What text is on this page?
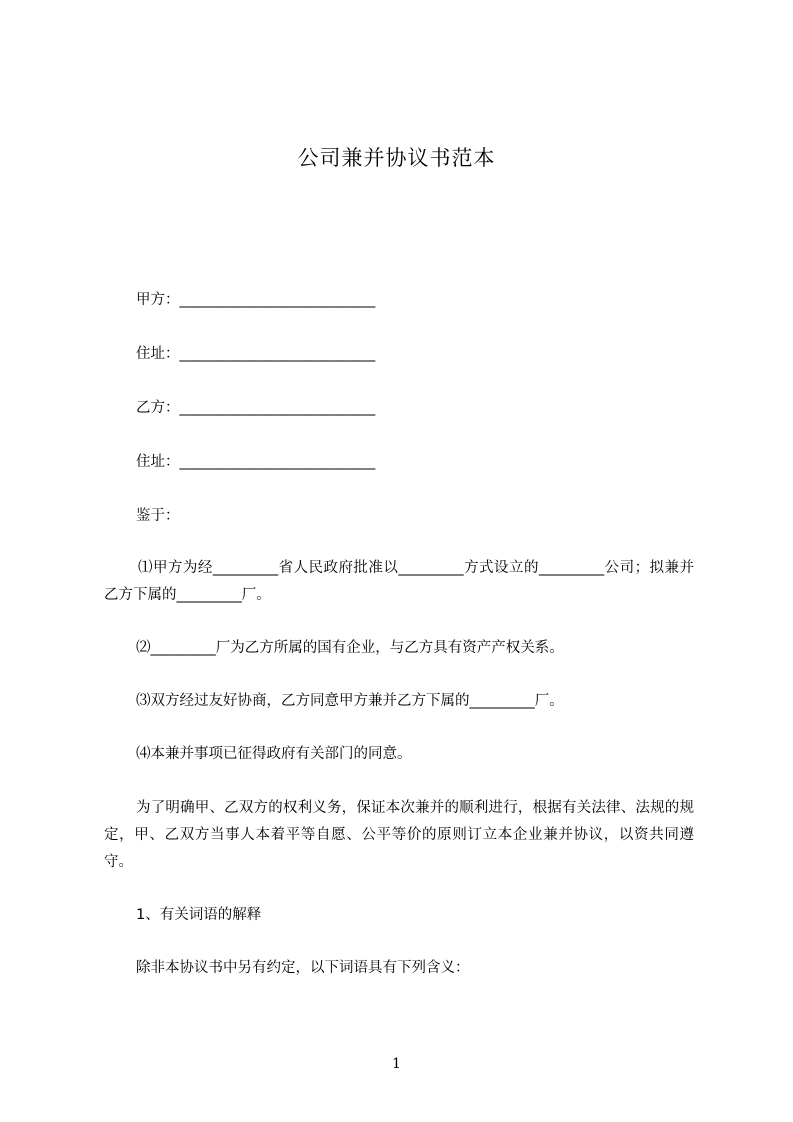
公司兼并协议书范本
甲方：___________________________
住址：___________________________
乙方：___________________________
住址：___________________________
鉴于：
⑴甲方为经_________省人民政府批准以_________方式设立的_________公司；拟兼并乙方下属的_________厂。
⑵_________厂为乙方所属的国有企业，与乙方具有资产产权关系。
⑶双方经过友好协商，乙方同意甲方兼并乙方下属的_________厂。
⑷本兼并事项已征得政府有关部门的同意。
为了明确甲、乙双方的权利义务，保证本次兼并的顺利进行，根据有关法律、法规的规定，甲、乙双方当事人本着平等自愿、公平等价的原则订立本企业兼并协议，以资共同遵守。
1、有关词语的解释
除非本协议书中另有约定，以下词语具有下列含义：
1
